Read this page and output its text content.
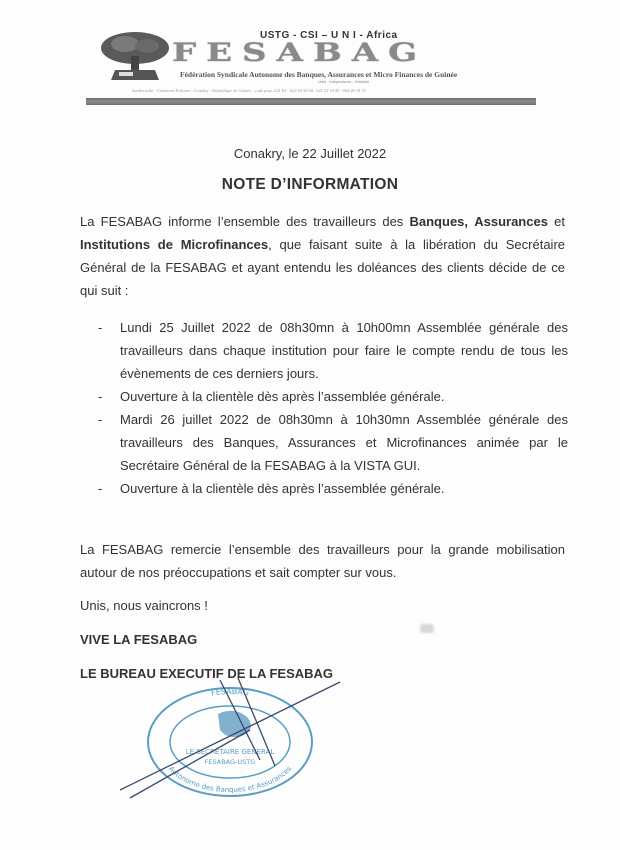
USTG - CSI – U N I - Africa
FESABAG
Fédération Syndicale Autonome des Banques, Assurances et Micro Finances de Guinée
Unité - Indépendance - Solidarité
Sandervalia - Commune Kaloum - Conakry - République de Guinée : code pays 224 Tel : 622 50 50 04 . 621 22 18 40 . 664 28 18 75
Conakry, le 22 Juillet 2022
NOTE D’INFORMATION
La FESABAG informe l’ensemble des travailleurs des Banques, Assurances et Institutions de Microfinances, que faisant suite à la libération du Secrétaire Général de la FESABAG et ayant entendu les doléances des clients décide de ce qui suit :
- Lundi 25 Juillet 2022 de 08h30mn à 10h00mn Assemblée générale des travailleurs dans chaque institution pour faire le compte rendu de tous les évènements de ces derniers jours.
- Ouverture à la clientèle dès après l’assemblée générale.
- Mardi 26 juillet 2022 de 08h30mn à 10h30mn Assemblée générale des travailleurs des Banques, Assurances et Microfinances animée par le Secrétaire Général de la FESABAG à la VISTA GUI.
- Ouverture à la clientèle dès après l’assemblée générale.
La FESABAG remercie l’ensemble des travailleurs pour la grande mobilisation autour de nos préoccupations et sait compter sur vous.
Unis, nous vaincrons !
VIVE LA FESABAG
LE BUREAU EXECUTIF DE LA FESABAG
FESABAG
Autonome des Banques et Assurances
LE SECRETAIRE GENERAL
FESABAG-USTG
